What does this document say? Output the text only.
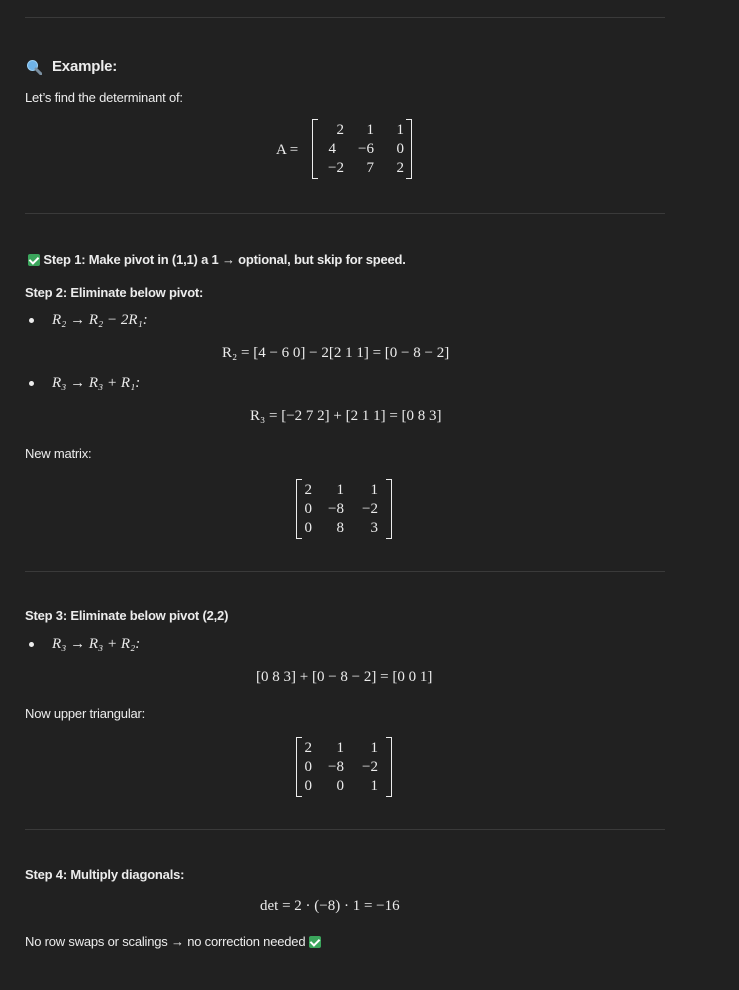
Example:
Let’s find the determinant of:
A =
2	1	1
4	−6	0
−2	7	2
Step 1: Make pivot in (1,1) a 1 → optional, but skip for speed.
Step 2: Eliminate below pivot:
R₂ → R₂ − 2R₁:
R₂ = [4 − 6 0] − 2[2 1 1] = [0 − 8 − 2]
R₃ → R₃ + R₁:
R₃ = [−2 7 2] + [2 1 1] = [0 8 3]
New matrix:
2	1	1
0	−8	−2
0	8	3
Step 3: Eliminate below pivot (2,2)
R₃ → R₃ + R₂:
[0 8 3] + [0 − 8 − 2] = [0 0 1]
Now upper triangular:
2	1	1
0	−8	−2
0	0	1
Step 4: Multiply diagonals:
det = 2 · (−8) · 1 = −16
No row swaps or scalings → no correction needed
